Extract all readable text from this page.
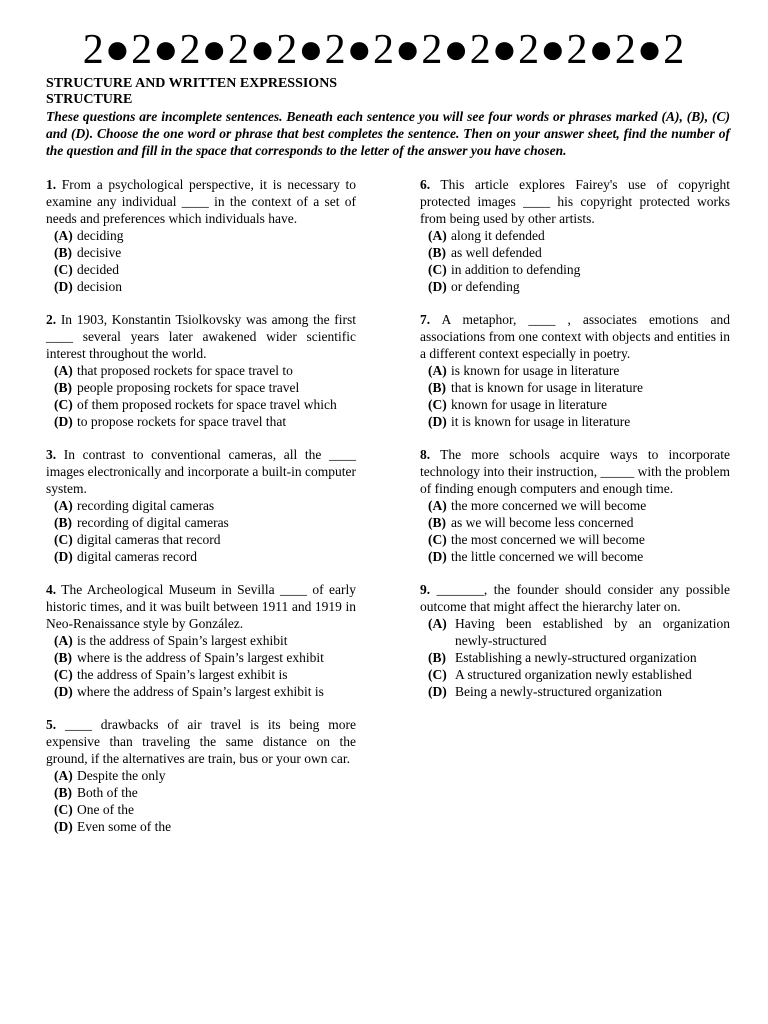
2●2●2●2●2●2●2●2●2●2●2●2●2
STRUCTURE AND WRITTEN EXPRESSIONS
STRUCTURE
These questions are incomplete sentences. Beneath each sentence you will see four words or phrases marked (A), (B), (C) and (D). Choose the one word or phrase that best completes the sentence. Then on your answer sheet, find the number of the question and fill in the space that corresponds to the letter of the answer you have chosen.
1. From a psychological perspective, it is necessary to examine any individual ____ in the context of a set of needs and preferences which individuals have.
(A) deciding
(B) decisive
(C) decided
(D) decision
2. In 1903, Konstantin Tsiolkovsky was among the first ____ several years later awakened wider scientific interest throughout the world.
(A) that proposed rockets for space travel to
(B) people proposing rockets for space travel
(C) of them proposed rockets for space travel which
(D) to propose rockets for space travel that
3. In contrast to conventional cameras, all the ____ images electronically and incorporate a built-in computer system.
(A) recording digital cameras
(B) recording of digital cameras
(C) digital cameras that record
(D) digital cameras record
4. The Archeological Museum in Sevilla ____ of early historic times, and it was built between 1911 and 1919 in Neo-Renaissance style by González.
(A) is the address of Spain’s largest exhibit
(B) where is the address of Spain’s largest exhibit
(C) the address of Spain’s largest exhibit is
(D) where the address of Spain’s largest exhibit is
5. ____ drawbacks of air travel is its being more expensive than traveling the same distance on the ground, if the alternatives are train, bus or your own car.
(A) Despite the only
(B) Both of the
(C) One of the
(D) Even some of the
6. This article explores Fairey's use of copyright protected images ____ his copyright protected works from being used by other artists.
(A) along it defended
(B) as well defended
(C) in addition to defending
(D) or defending
7. A metaphor, ____ , associates emotions and associations from one context with objects and entities in a different context especially in poetry.
(A) is known for usage in literature
(B) that is known for usage in literature
(C) known for usage in literature
(D) it is known for usage in literature
8. The more schools acquire ways to incorporate technology into their instruction, _____ with the problem of finding enough computers and enough time.
(A) the more concerned we will become
(B) as we will become less concerned
(C) the most concerned we will become
(D) the little concerned we will become
9. _______, the founder should consider any possible outcome that might affect the hierarchy later on.
(A) Having been established by an organization newly-structured
(B) Establishing a newly-structured organization
(C) A structured organization newly established
(D) Being a newly-structured organization
